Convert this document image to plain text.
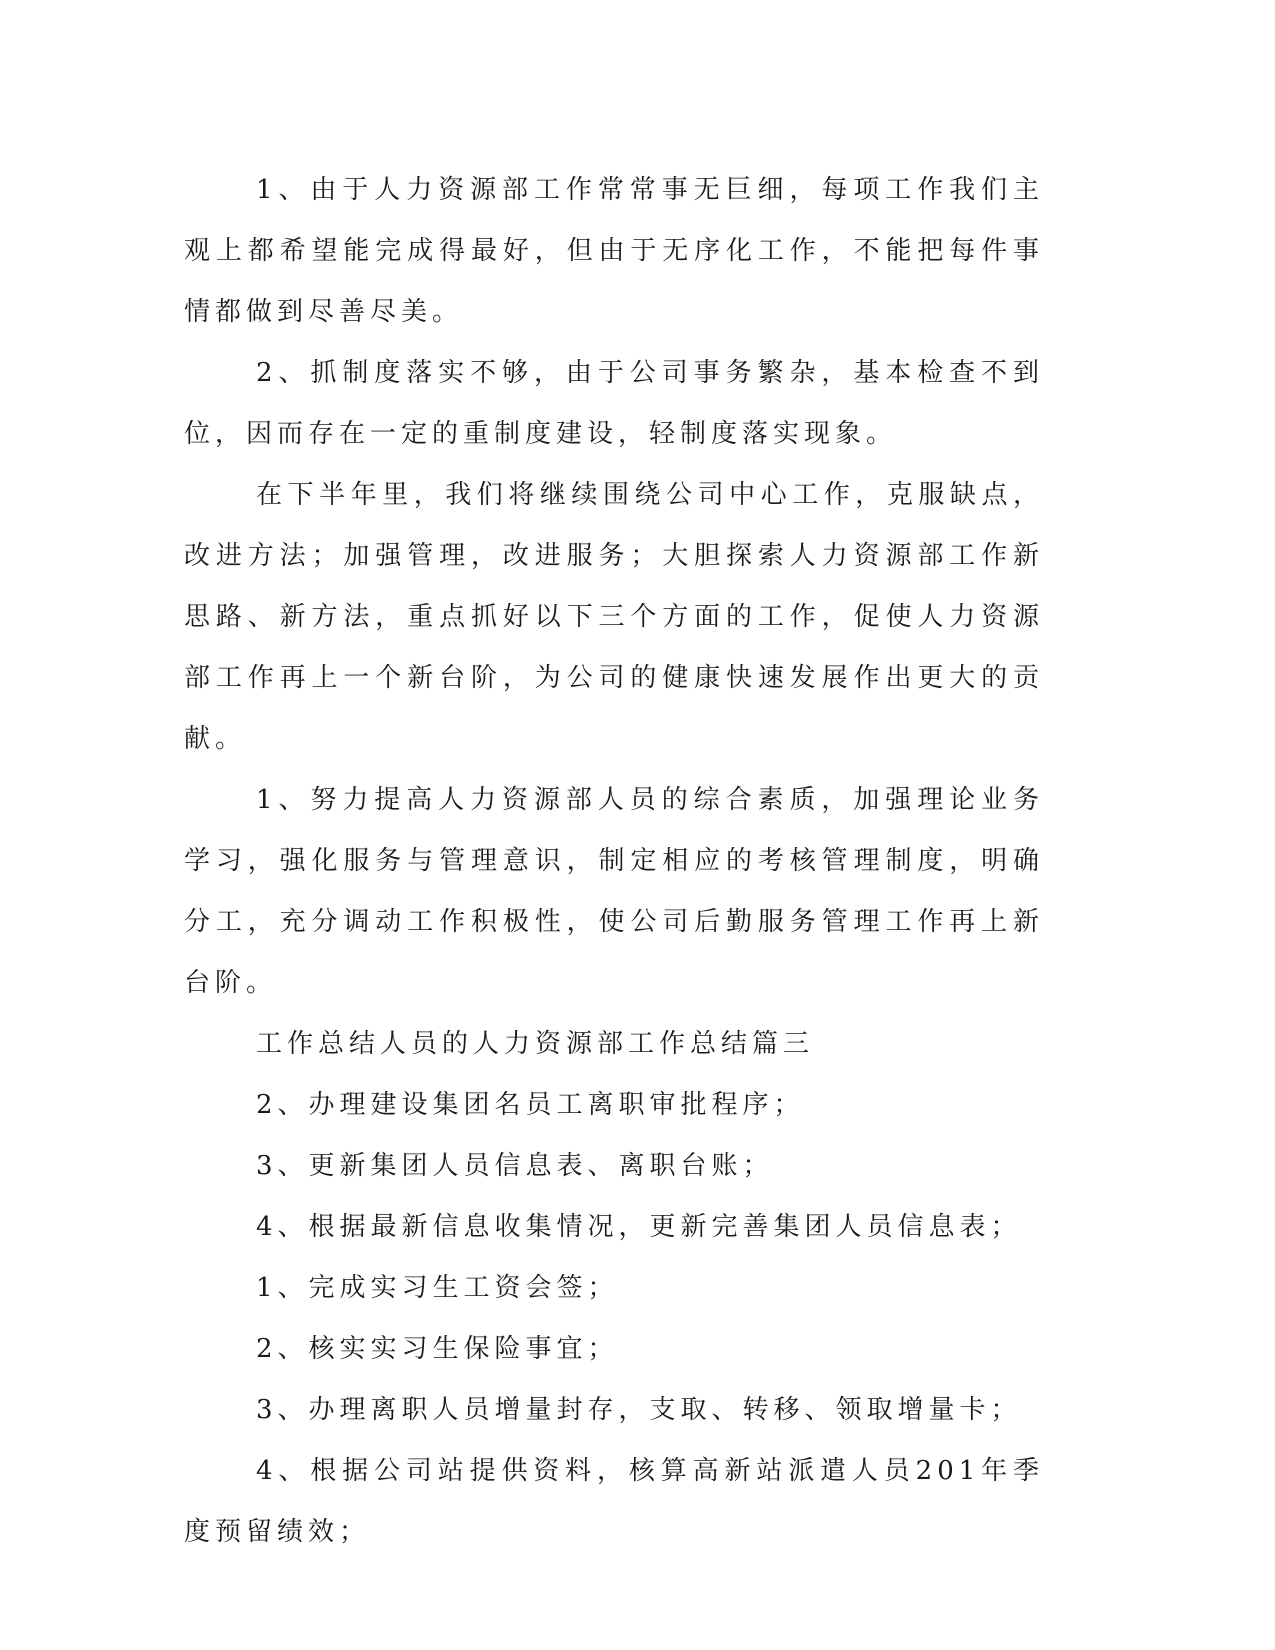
1、由于人力资源部工作常常事无巨细，每项工作我们主观上都希望能完成得最好，但由于无序化工作，不能把每件事情都做到尽善尽美。

2、抓制度落实不够，由于公司事务繁杂，基本检查不到位，因而存在一定的重制度建设，轻制度落实现象。

在下半年里，我们将继续围绕公司中心工作，克服缺点，改进方法；加强管理，改进服务；大胆探索人力资源部工作新思路、新方法，重点抓好以下三个方面的工作，促使人力资源部工作再上一个新台阶，为公司的健康快速发展作出更大的贡献。

1、努力提高人力资源部人员的综合素质，加强理论业务学习，强化服务与管理意识，制定相应的考核管理制度，明确分工，充分调动工作积极性，使公司后勤服务管理工作再上新台阶。

工作总结人员的人力资源部工作总结篇三

2、办理建设集团名员工离职审批程序；

3、更新集团人员信息表、离职台账；

4、根据最新信息收集情况，更新完善集团人员信息表；

1、完成实习生工资会签；

2、核实实习生保险事宜；

3、办理离职人员增量封存，支取、转移、领取增量卡；

4、根据公司站提供资料，核算高新站派遣人员201年季度预留绩效；
